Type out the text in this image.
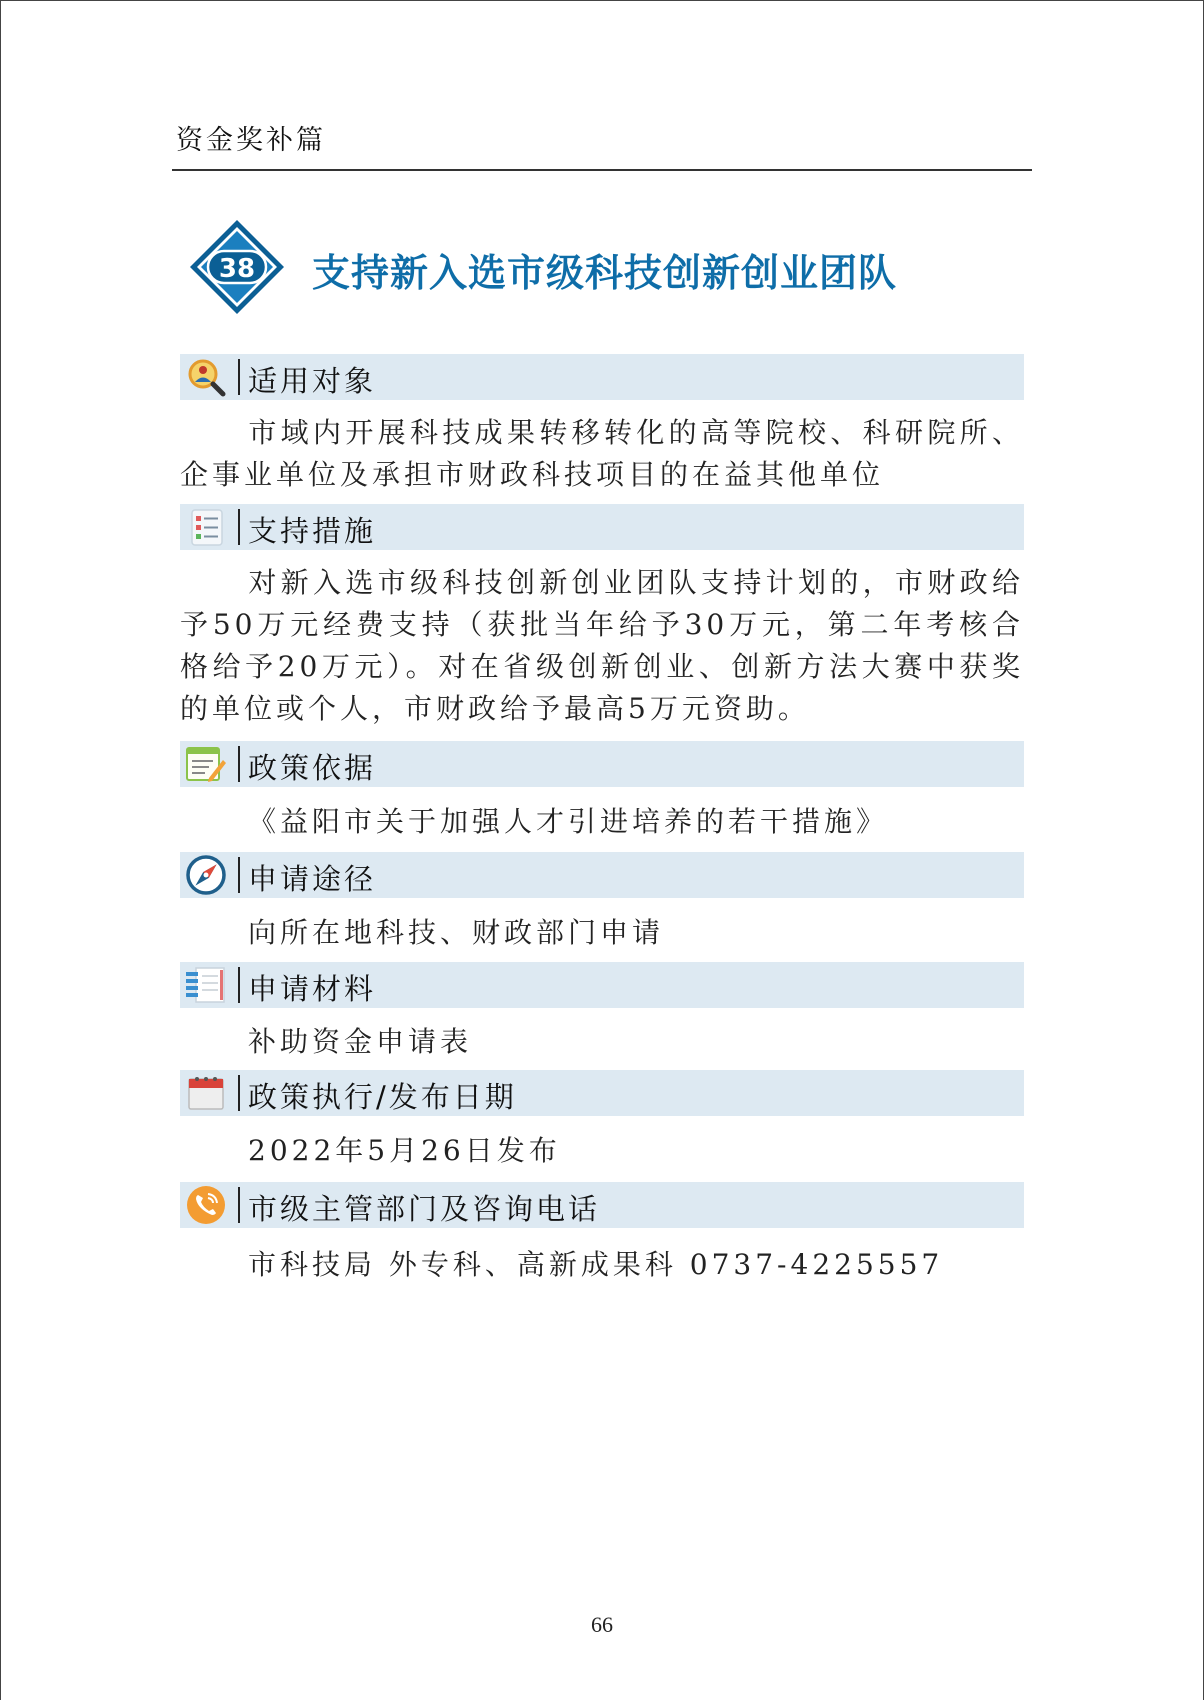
资金奖补篇
38 支持新入选市级科技创新创业团队
适用对象
市域内开展科技成果转移转化的高等院校、科研院所、企事业单位及承担市财政科技项目的在益其他单位
支持措施
对新入选市级科技创新创业团队支持计划的，市财政给予50万元经费支持（获批当年给予30万元，第二年考核合格给予20万元）。对在省级创新创业、创新方法大赛中获奖的单位或个人，市财政给予最高5万元资助。
政策依据
《益阳市关于加强人才引进培养的若干措施》
申请途径
向所在地科技、财政部门申请
申请材料
补助资金申请表
政策执行/发布日期
2022年5月26日发布
市级主管部门及咨询电话
市科技局 外专科、高新成果科 0737-4225557
66
